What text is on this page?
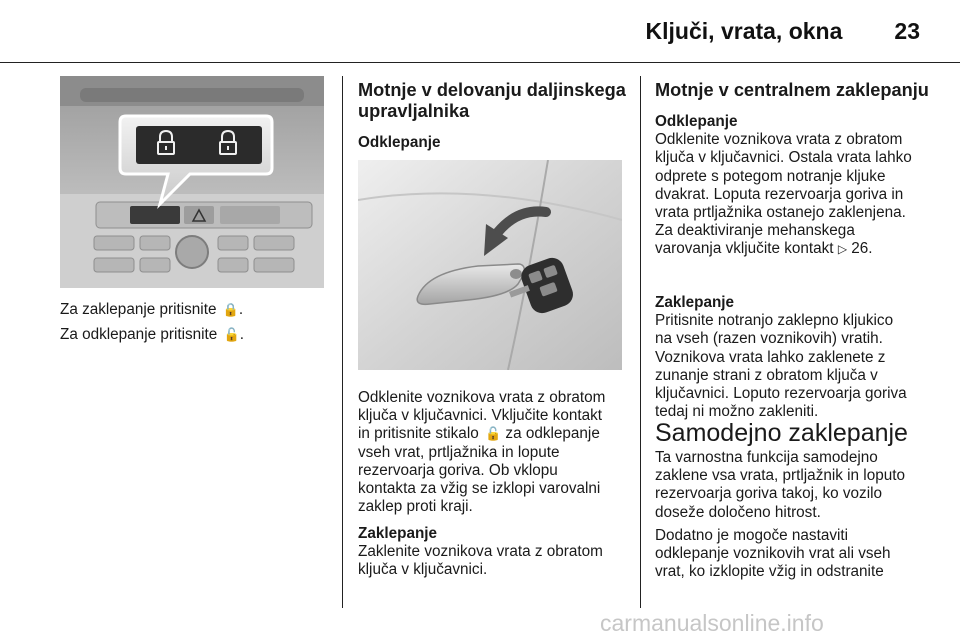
Ključi, vrata, okna 23

Za zaklepanje pritisnite 🔒.

Za odklepanje pritisnite 🔓.

Motnje v delovanju daljinskega

upravljalnika

Odklepanje

Odklenite voznikova vrata z obratom

ključa v ključavnici. Vključite kontakt

in pritisnite stikalo 🔓 za odklepanje

vseh vrat, prtljažnika in lopute

rezervoarja goriva. Ob vklopu

kontakta za vžig se izklopi varovalni

zaklep proti kraji.

Zaklepanje

Zaklenite voznikova vrata z obratom

ključa v ključavnici.

Motnje v centralnem zaklepanju

Odklepanje

Odklenite voznikova vrata z obratom

ključa v ključavnici. Ostala vrata lahko

odprete s potegom notranje kljuke

dvakrat. Loputa rezervoarja goriva in

vrata prtljažnika ostanejo zaklenjena.

Za deaktiviranje mehanskega

varovanja vključite kontakt ▷ 26.

Zaklepanje

Pritisnite notranjo zaklepno kljukico

na vseh (razen voznikovih) vratih.

Voznikova vrata lahko zaklenete z

zunanje strani z obratom ključa v

ključavnici. Loputo rezervoarja goriva

tedaj ni možno zakleniti.

Samodejno zaklepanje

Ta varnostna funkcija samodejno

zaklene vsa vrata, prtljažnik in loputo

rezervoarja goriva takoj, ko vozilo

doseže določeno hitrost.

Dodatno je mogoče nastaviti

odklepanje voznikovih vrat ali vseh

vrat, ko izklopite vžig in odstranite

carmanualsonline.info
